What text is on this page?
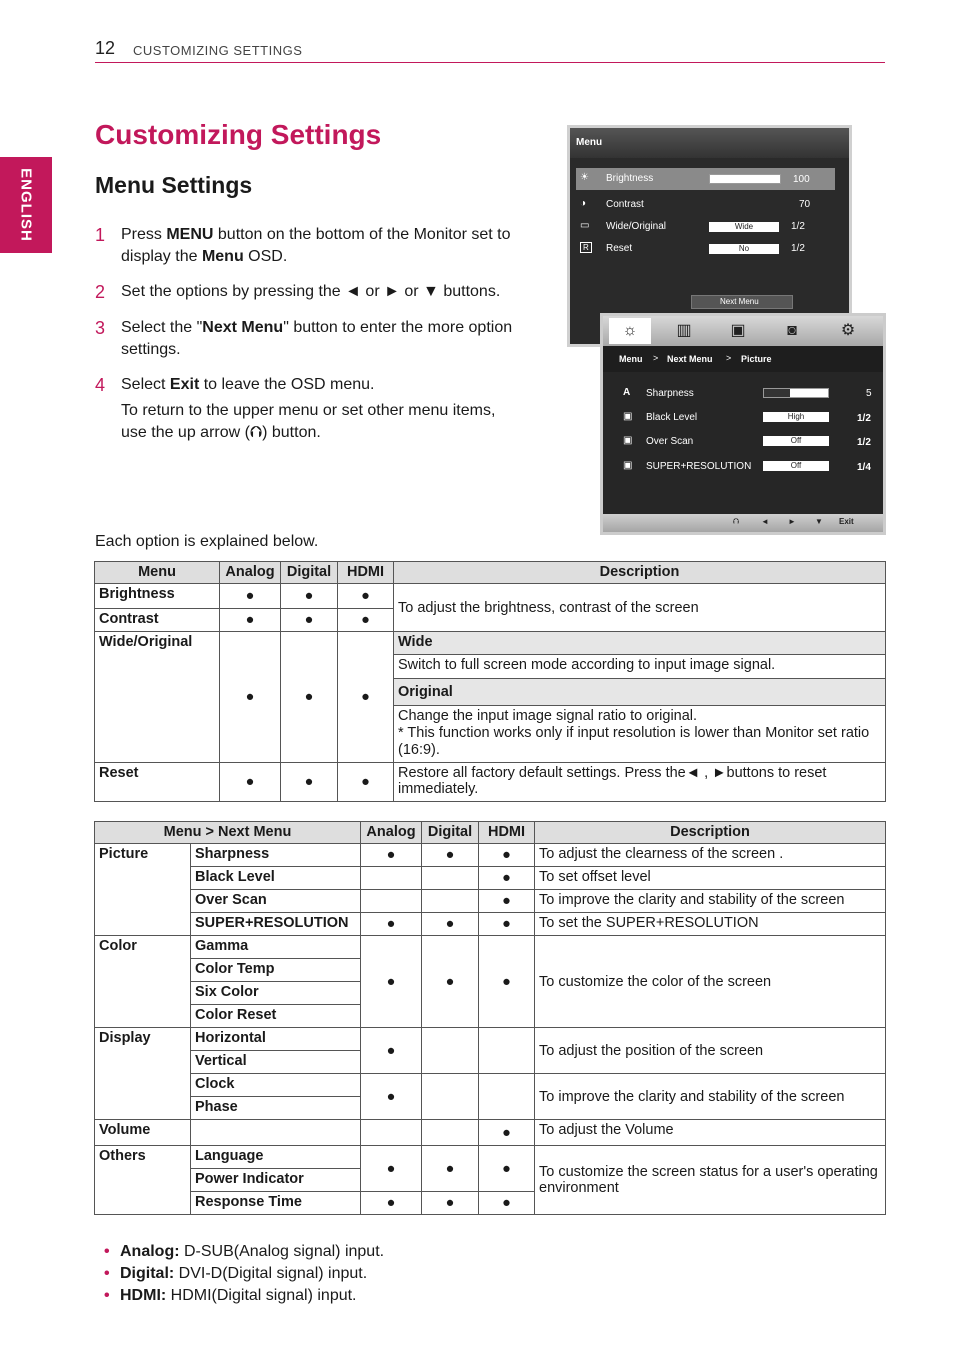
12 CUSTOMIZING SETTINGS
ENGLISH
Customizing Settings
Menu Settings
1 Press MENU button on the bottom of the Monitor set to display the Menu OSD.
2 Set the options by pressing the ◄ or ► or ▼ buttons.
3 Select the "Next Menu" button to enter the more option settings.
4 Select Exit to leave the OSD menu.
To return to the upper menu or set other menu items, use the up arrow (⮉) button.
Menu
☀ Brightness	100
◑ Contrast	70
▭ Wide/Original	Wide	1/2
R	Reset	No	1/2
Next Menu
☼	▥	▣	◙	⚙
Menu > Next Menu > Picture
A Sharpness	5
▣ Black Level	High	1/2
▣ Over Scan	Off	1/2
▣ SUPER+RESOLUTION	Off	1/4
⮉	◄ ► ▼ Exit
Each option is explained below.
Menu	Analog	Digital	HDMI	Description
Brightness	●	●	●	To adjust the brightness, contrast of the screen
Contrast	●	●	●	
Wide/Original	●	●	●	Wide
				Switch to full screen mode according to input image signal.
				Original
				Change the input image signal ratio to original.
* This function works only if input resolution is lower than Monitor set ratio (16:9).
Reset	●	●	●	Restore all factory default settings. Press the◄ , ►buttons to reset immediately.
Menu > Next Menu		Analog	Digital	HDMI	Description
Picture	Sharpness	●	●	●	To adjust the clearness of the screen .
	Black Level			●	To set offset level
	Over Scan			●	To improve the clarity and stability of the screen
	SUPER+RESOLUTION	●	●	●	To set the SUPER+RESOLUTION
Color	Gamma	●	●	●	To customize the color of the screen
	Color Temp				
	Six Color				
	Color Reset				
Display	Horizontal	●			To adjust the position of the screen
	Vertical				
	Clock	●			To improve the clarity and stability of the screen
	Phase				
Volume				●	To adjust the Volume
Others	Language	●	●	●	To customize the screen status for a user's operating environment
	Power Indicator				
	Response Time	●	●	●	
• Analog: D-SUB(Analog signal) input.
• Digital: DVI-D(Digital signal) input.
• HDMI: HDMI(Digital signal) input.
